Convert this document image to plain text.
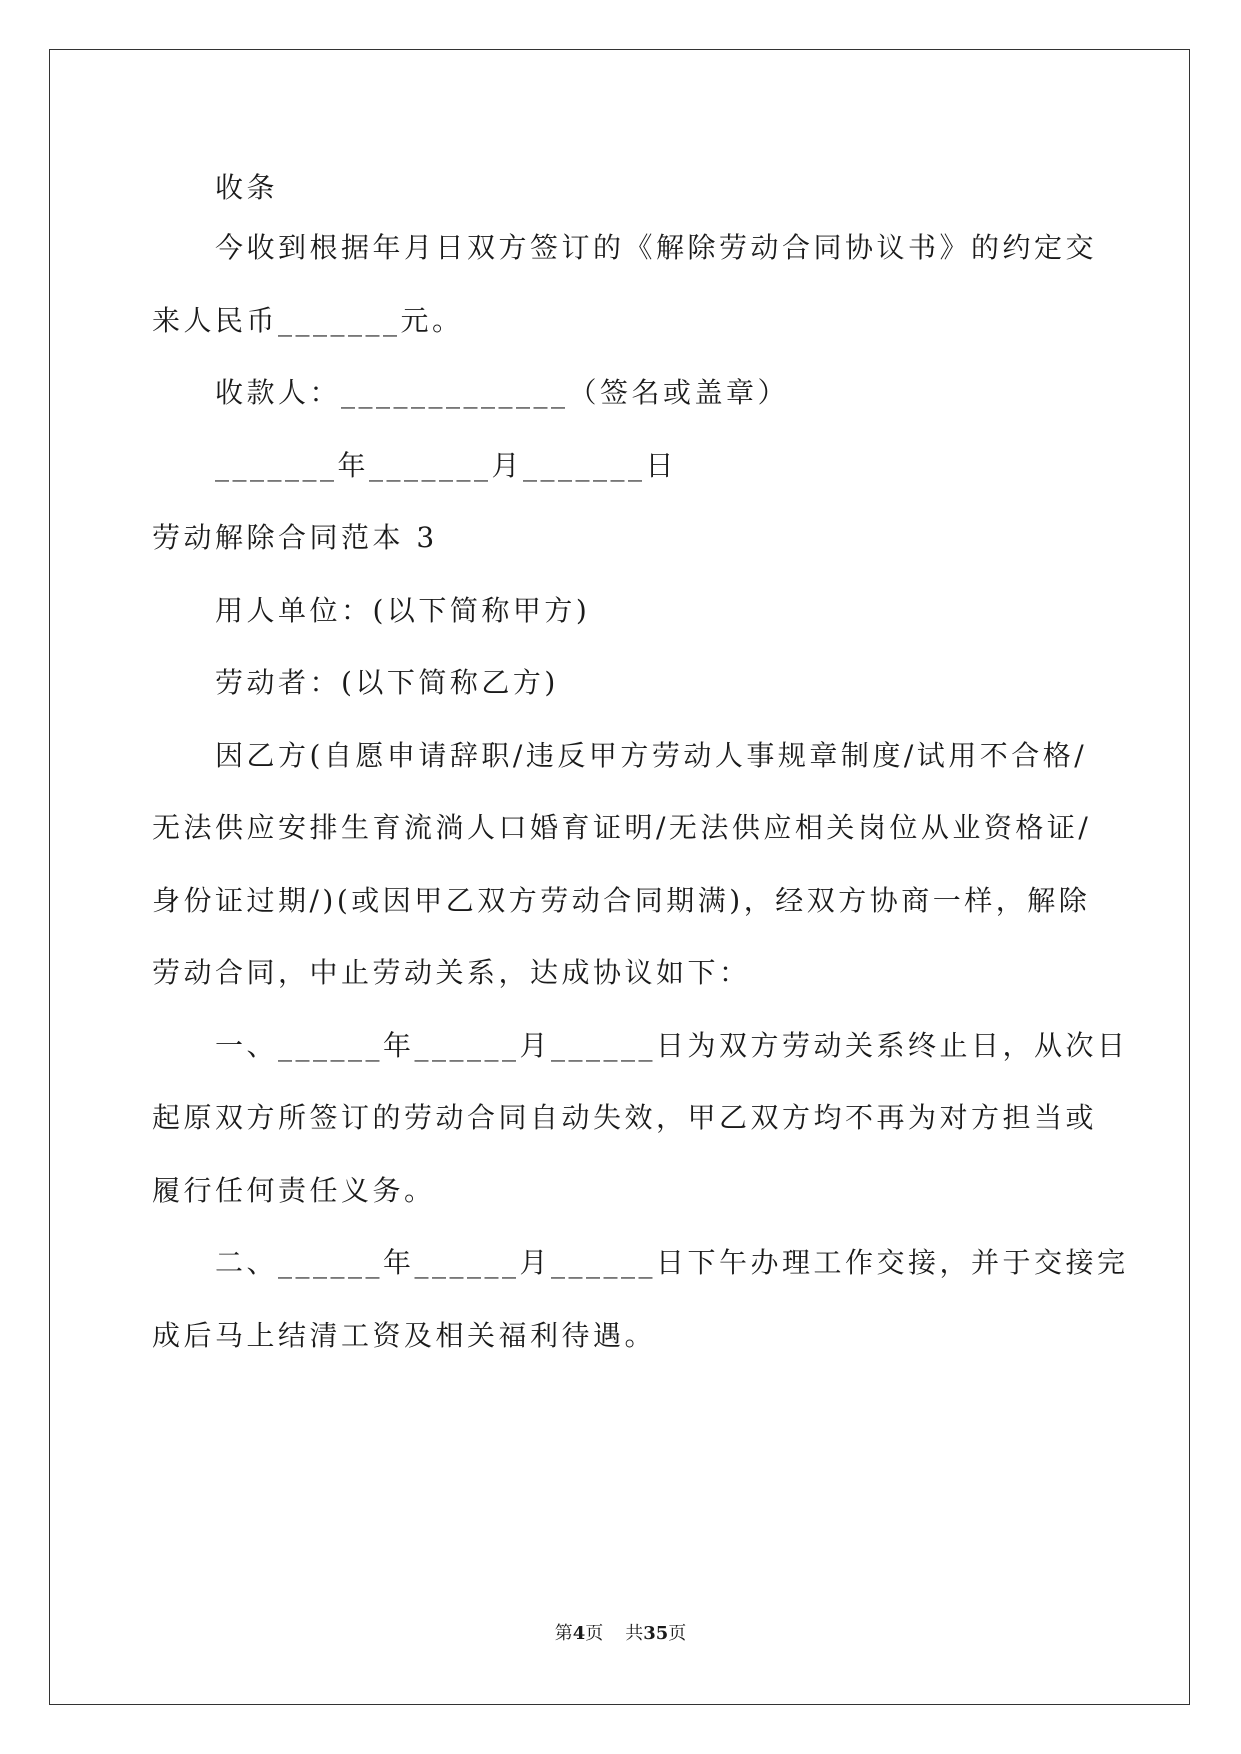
收条
今收到根据年月日双方签订的《解除劳动合同协议书》的约定交
来人民币_______元。
收款人：_____________（签名或盖章）
_______年_______月_______日
劳动解除合同范本 3
用人单位：(以下简称甲方)
劳动者：(以下简称乙方)
因乙方(自愿申请辞职/违反甲方劳动人事规章制度/试用不合格/
无法供应安排生育流淌人口婚育证明/无法供应相关岗位从业资格证/
身份证过期/)(或因甲乙双方劳动合同期满)，经双方协商一样，解除
劳动合同，中止劳动关系，达成协议如下：
一、______年______月______日为双方劳动关系终止日，从次日
起原双方所签订的劳动合同自动失效，甲乙双方均不再为对方担当或
履行任何责任义务。
二、______年______月______日下午办理工作交接，并于交接完
成后马上结清工资及相关福利待遇。
第4页 共35页
